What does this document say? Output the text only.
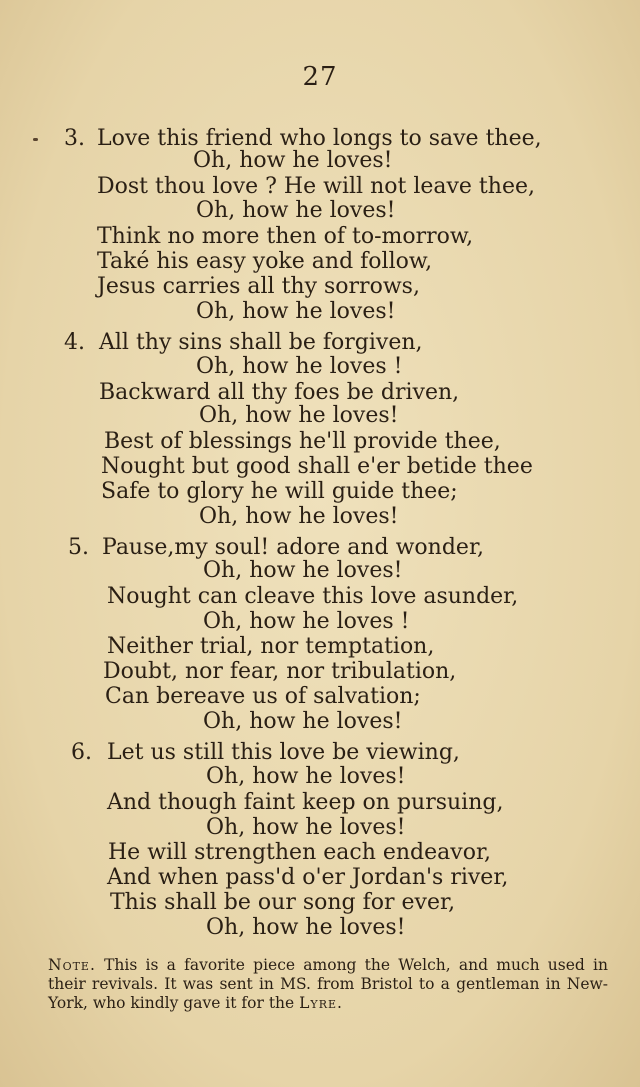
27
3. Love this friend who longs to save thee,
Oh, how he loves!
Dost thou love ? He will not leave thee,
Oh, how he loves!
Think no more then of to-morrow,
Také his easy yoke and follow,
Jesus carries all thy sorrows,
Oh, how he loves!
4. All thy sins shall be forgiven,
Oh, how he loves !
Backward all thy foes be driven,
Oh, how he loves!
Best of blessings he'll provide thee,
Nought but good shall e'er betide thee
Safe to glory he will guide thee;
Oh, how he loves!
5. Pause,my soul! adore and wonder,
Oh, how he loves!
Nought can cleave this love asunder,
Oh, how he loves !
Neither trial, nor temptation,
Doubt, nor fear, nor tribulation,
Can bereave us of salvation;
Oh, how he loves!
6. Let us still this love be viewing,
Oh, how he loves!
And though faint keep on pursuing,
Oh, how he loves!
He will strengthen each endeavor,
And when pass'd o'er Jordan's river,
This shall be our song for ever,
Oh, how he loves!
Note. This is a favorite piece among the Welch, and much used in their revivals. It was sent in MS. from Bristol to a gentleman in New-York, who kindly gave it for the Lyre.
